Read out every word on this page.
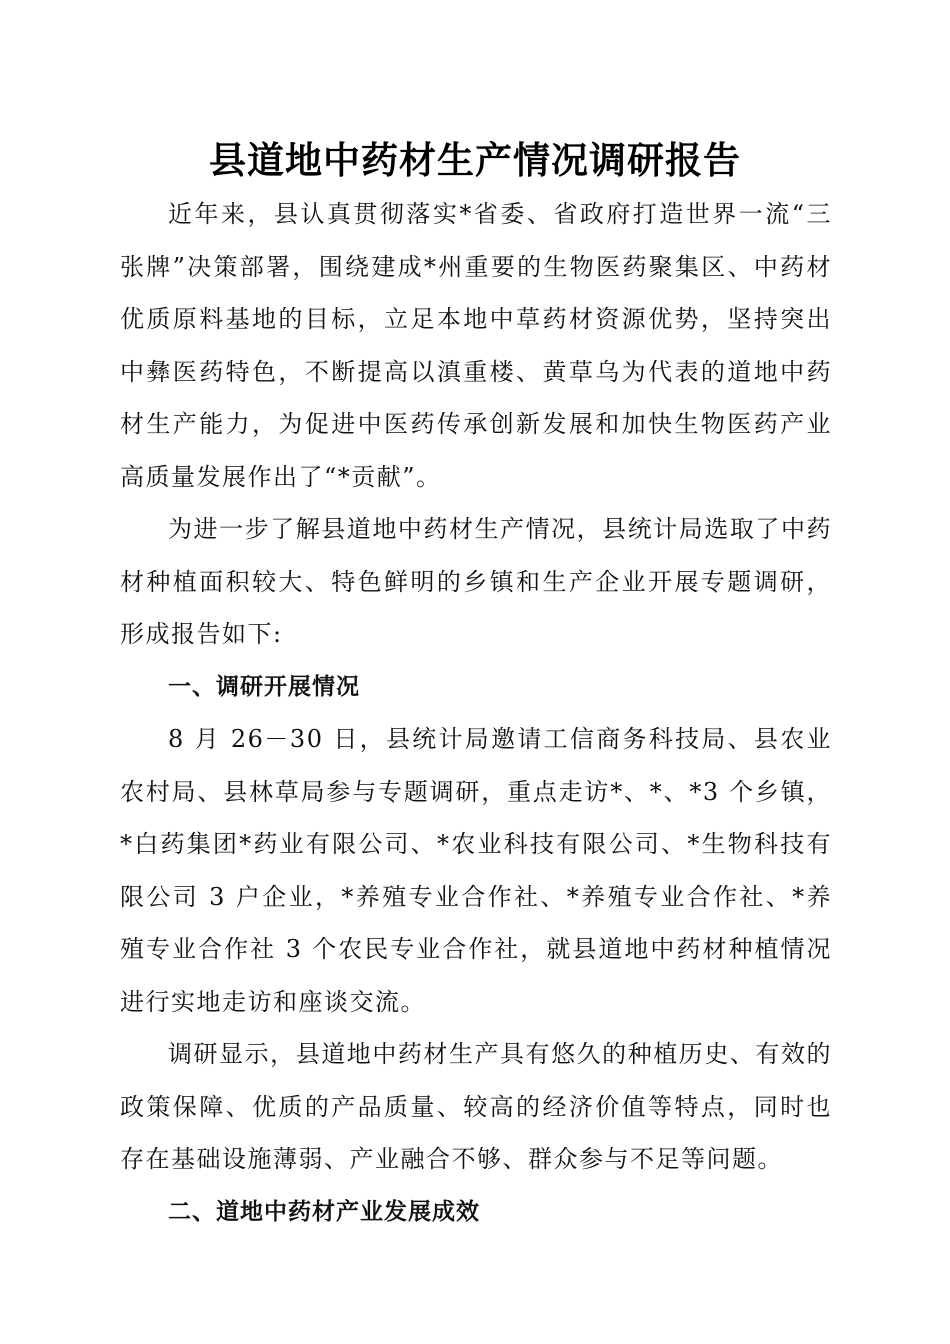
县道地中药材生产情况调研报告

近年来，县认真贯彻落实*省委、省政府打造世界一流“三张牌”决策部署，围绕建成*州重要的生物医药聚集区、中药材优质原料基地的目标，立足本地中草药材资源优势，坚持突出中彝医药特色，不断提高以滇重楼、黄草乌为代表的道地中药材生产能力，为促进中医药传承创新发展和加快生物医药产业高质量发展作出了“*贡献”。

为进一步了解县道地中药材生产情况，县统计局选取了中药材种植面积较大、特色鲜明的乡镇和生产企业开展专题调研，形成报告如下:

一、调研开展情况

8 月 26－30 日，县统计局邀请工信商务科技局、县农业农村局、县林草局参与专题调研，重点走访*、*、*3 个乡镇，*白药集团*药业有限公司、*农业科技有限公司、*生物科技有限公司 3 户企业，*养殖专业合作社、*养殖专业合作社、*养殖专业合作社 3 个农民专业合作社，就县道地中药材种植情况进行实地走访和座谈交流。

调研显示，县道地中药材生产具有悠久的种植历史、有效的政策保障、优质的产品质量、较高的经济价值等特点，同时也存在基础设施薄弱、产业融合不够、群众参与不足等问题。

二、道地中药材产业发展成效
